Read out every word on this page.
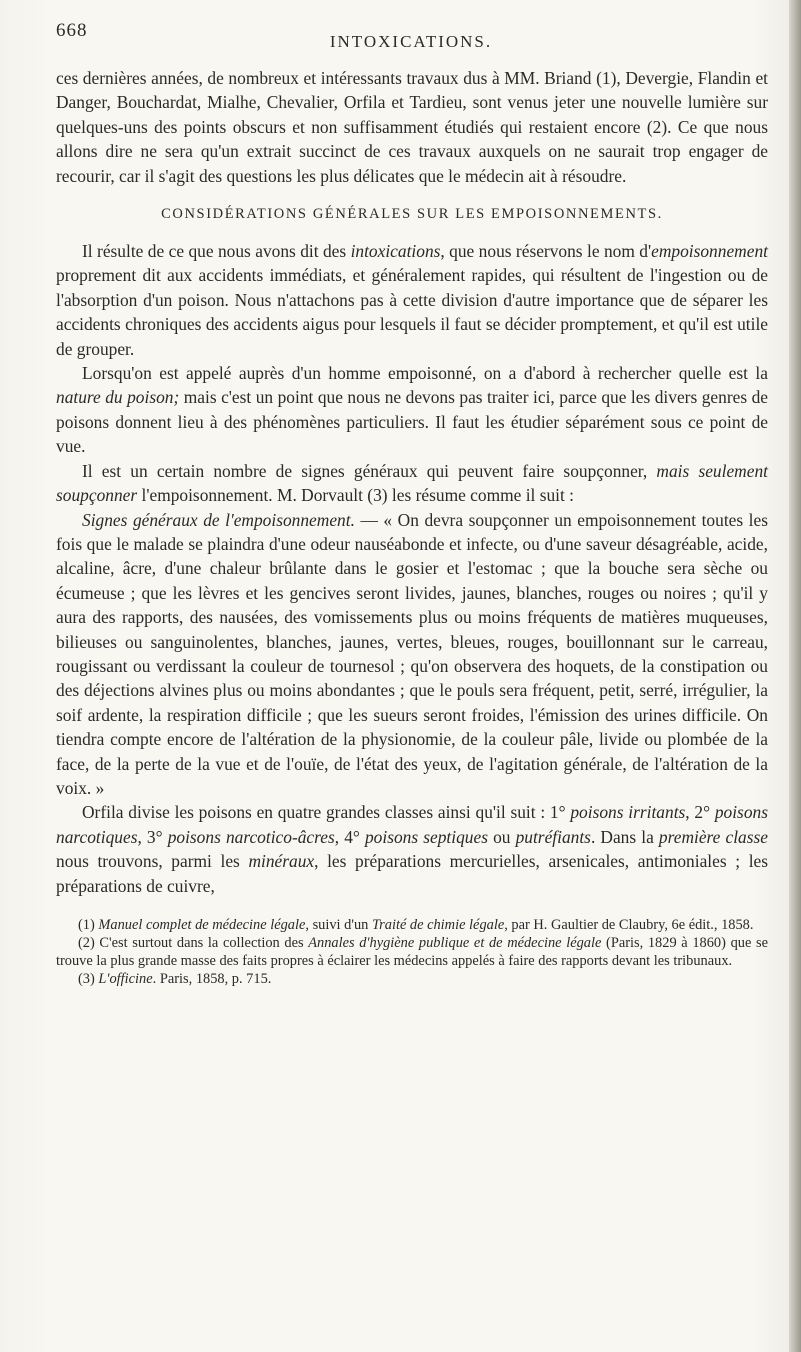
668
INTOXICATIONS.

ces dernières années, de nombreux et intéressants travaux dus à MM. Briand (1), Devergie, Flandin et Danger, Bouchardat, Mialhe, Chevalier, Orfila et Tardieu, sont venus jeter une nouvelle lumière sur quelques-uns des points obscurs et non suffisamment étudiés qui restaient encore (2). Ce que nous allons dire ne sera qu'un extrait succinct de ces travaux auxquels on ne saurait trop engager de recourir, car il s'agit des questions les plus délicates que le médecin ait à résoudre.

CONSIDÉRATIONS GÉNÉRALES SUR LES EMPOISONNEMENTS.

Il résulte de ce que nous avons dit des intoxications, que nous réservons le nom d'empoisonnement proprement dit aux accidents immédiats, et généralement rapides, qui résultent de l'ingestion ou de l'absorption d'un poison. Nous n'attachons pas à cette division d'autre importance que de séparer les accidents chroniques des accidents aigus pour lesquels il faut se décider promptement, et qu'il est utile de grouper.

Lorsqu'on est appelé auprès d'un homme empoisonné, on a d'abord à rechercher quelle est la nature du poison; mais c'est un point que nous ne devons pas traiter ici, parce que les divers genres de poisons donnent lieu à des phénomènes particuliers. Il faut les étudier séparément sous ce point de vue.

Il est un certain nombre de signes généraux qui peuvent faire soupçonner, mais seulement soupçonner l'empoisonnement. M. Dorvault (3) les résume comme il suit :

Signes généraux de l'empoisonnement. — « On devra soupçonner un empoisonnement toutes les fois que le malade se plaindra d'une odeur nauséabonde et infecte, ou d'une saveur désagréable, acide, alcaline, âcre, d'une chaleur brûlante dans le gosier et l'estomac ; que la bouche sera sèche ou écumeuse ; que les lèvres et les gencives seront livides, jaunes, blanches, rouges ou noires ; qu'il y aura des rapports, des nausées, des vomissements plus ou moins fréquents de matières muqueuses, bilieuses ou sanguinolentes, blanches, jaunes, vertes, bleues, rouges, bouillonnant sur le carreau, rougissant ou verdissant la couleur de tournesol ; qu'on observera des hoquets, de la constipation ou des déjections alvines plus ou moins abondantes ; que le pouls sera fréquent, petit, serré, irrégulier, la soif ardente, la respiration difficile ; que les sueurs seront froides, l'émission des urines difficile. On tiendra compte encore de l'altération de la physionomie, de la couleur pâle, livide ou plombée de la face, de la perte de la vue et de l'ouïe, de l'état des yeux, de l'agitation générale, de l'altération de la voix. »

Orfila divise les poisons en quatre grandes classes ainsi qu'il suit : 1° poisons irritants, 2° poisons narcotiques, 3° poisons narcotico-âcres, 4° poisons septiques ou putréfiants. Dans la première classe nous trouvons, parmi les minéraux, les préparations mercurielles, arsenicales, antimoniales ; les préparations de cuivre,

(1) Manuel complet de médecine légale, suivi d'un Traité de chimie légale, par H. Gaultier de Claubry, 6e édit., 1858.

(2) C'est surtout dans la collection des Annales d'hygiène publique et de médecine légale (Paris, 1829 à 1860) que se trouve la plus grande masse des faits propres à éclairer les médecins appelés à faire des rapports devant les tribunaux.

(3) L'officine. Paris, 1858, p. 715.
